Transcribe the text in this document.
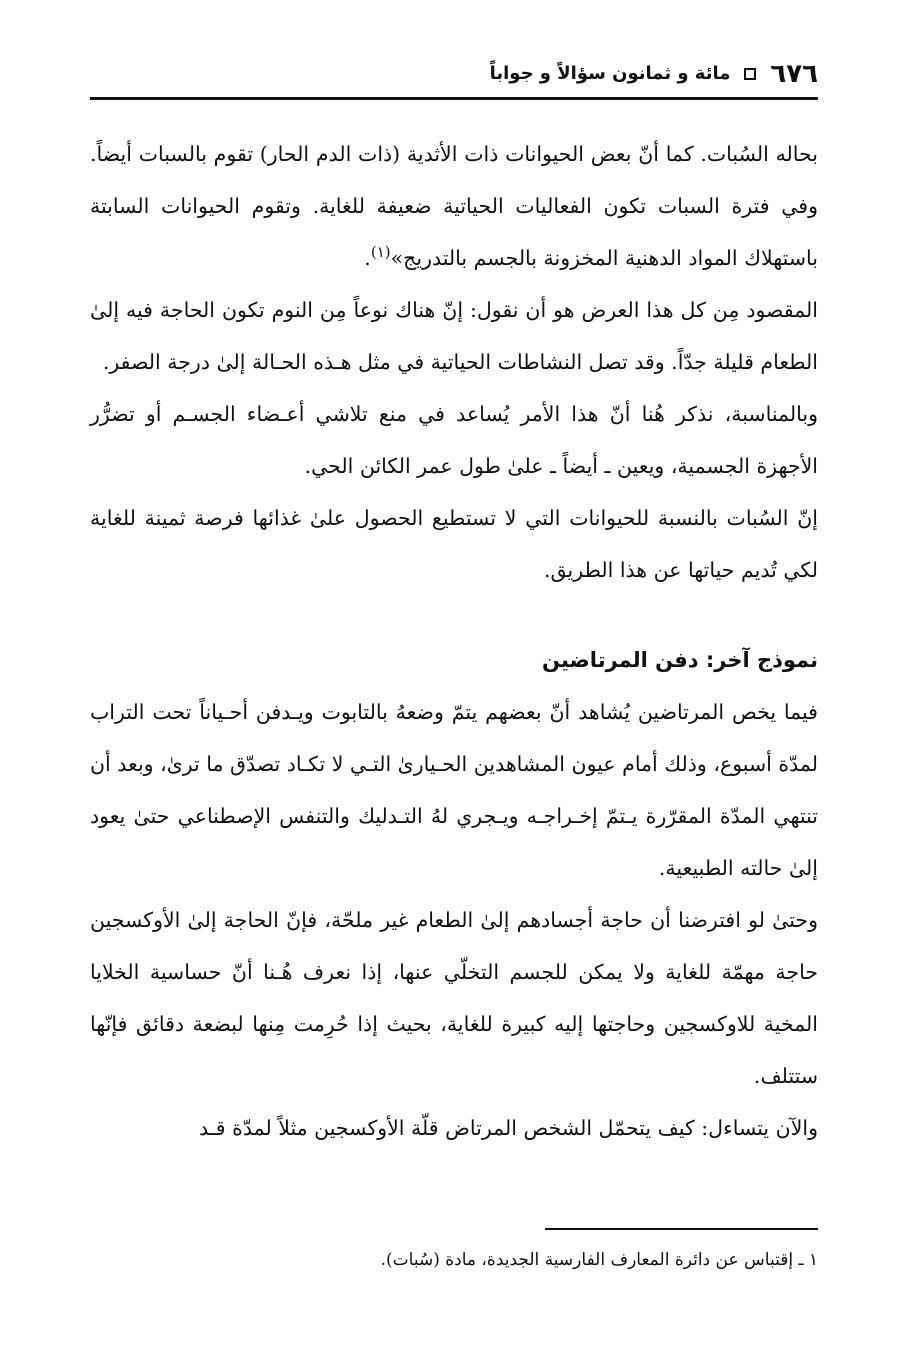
٦٧٦
مائة و ثمانون سؤالاً و جواباً

بحاله السُبات. كما أنّ بعض الحيوانات ذات الأثدية (ذات الدم الحار) تقوم بالسبات أيضاً. وفي فترة السبات تكون الفعاليات الحياتية ضعيفة للغاية. وتقوم الحيوانات السابتة باستهلاك المواد الدهنية المخزونة بالجسم بالتدريج»$^{(١)}$.

المقصود مِن كل هذا العرض هو أن نقول: إنّ هناك نوعاً مِن النوم تكون الحاجة فيه إلىٰ الطعام قليلة جدّاً. وقد تصل النشاطات الحياتية في مثل هـذه الحـالة إلىٰ درجة الصفر.

وبالمناسبة، نذكر هُنا أنّ هذا الأمر يُساعد في منع تلاشي أعـضاء الجسـم أو تضرُّر الأجهزة الجسمية، ويعين ـ أيضاً ـ علىٰ طول عمر الكائن الحي.

إنّ السُبات بالنسبة للحيوانات التي لا تستطيع الحصول علىٰ غذائها فرصة ثمينة للغاية لكي تُديم حياتها عن هذا الطريق.

نموذج آخر: دفن المرتاضين

فيما يخص المرتاضين يُشاهد أنّ بعضهم يتمّ وضعهُ بالتابوت ويـدفن أحـياناً تحت التراب لمدّة أسبوع، وذلك أمام عيون المشاهدين الحـيارىٰ التـي لا تكـاد تصدّق ما ترىٰ، وبعد أن تنتهي المدّة المقرّرة يـتمّ إخـراجـه ويـجري لهُ التـدليك والتنفس الإصطناعي حتىٰ يعود إلىٰ حالته الطبيعية.

وحتىٰ لو افترضنا أن حاجة أجسادهم إلىٰ الطعام غير ملحّة، فإنّ الحاجة إلىٰ الأوكسجين حاجة مهمّة للغاية ولا يمكن للجسم التخلّي عنها، إذا نعرف هُـنا أنّ حساسية الخلايا المخية للاوكسجين وحاجتها إليه كبيرة للغاية، بحيث إذا حُرِمت مِنها لبضعة دقائق فإنّها ستتلف.

والآن يتساءل: كيف يتحمّل الشخص المرتاض قلّة الأوكسجين مثلاً لمدّة قـد

١ ـ إقتباس عن دائرة المعارف الفارسية الجديدة، مادة (سُبات).
